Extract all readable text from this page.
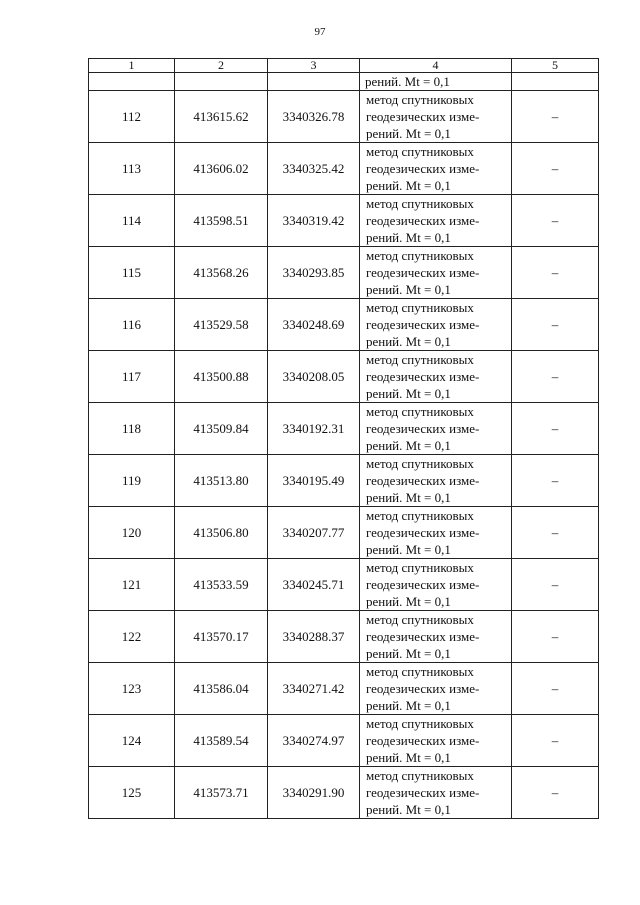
97
1	2	3	4	5
			рений. Mt = 0,1	
112	413615.62	3340326.78	метод спутниковых
геодезических изме-
рений. Mt = 0,1	–
113	413606.02	3340325.42	метод спутниковых
геодезических изме-
рений. Mt = 0,1	–
114	413598.51	3340319.42	метод спутниковых
геодезических изме-
рений. Mt = 0,1	–
115	413568.26	3340293.85	метод спутниковых
геодезических изме-
рений. Mt = 0,1	–
116	413529.58	3340248.69	метод спутниковых
геодезических изме-
рений. Mt = 0,1	–
117	413500.88	3340208.05	метод спутниковых
геодезических изме-
рений. Mt = 0,1	–
118	413509.84	3340192.31	метод спутниковых
геодезических изме-
рений. Mt = 0,1	–
119	413513.80	3340195.49	метод спутниковых
геодезических изме-
рений. Mt = 0,1	–
120	413506.80	3340207.77	метод спутниковых
геодезических изме-
рений. Mt = 0,1	–
121	413533.59	3340245.71	метод спутниковых
геодезических изме-
рений. Mt = 0,1	–
122	413570.17	3340288.37	метод спутниковых
геодезических изме-
рений. Mt = 0,1	–
123	413586.04	3340271.42	метод спутниковых
геодезических изме-
рений. Mt = 0,1	–
124	413589.54	3340274.97	метод спутниковых
геодезических изме-
рений. Mt = 0,1	–
125	413573.71	3340291.90	метод спутниковых
геодезических изме-
рений. Mt = 0,1	–
